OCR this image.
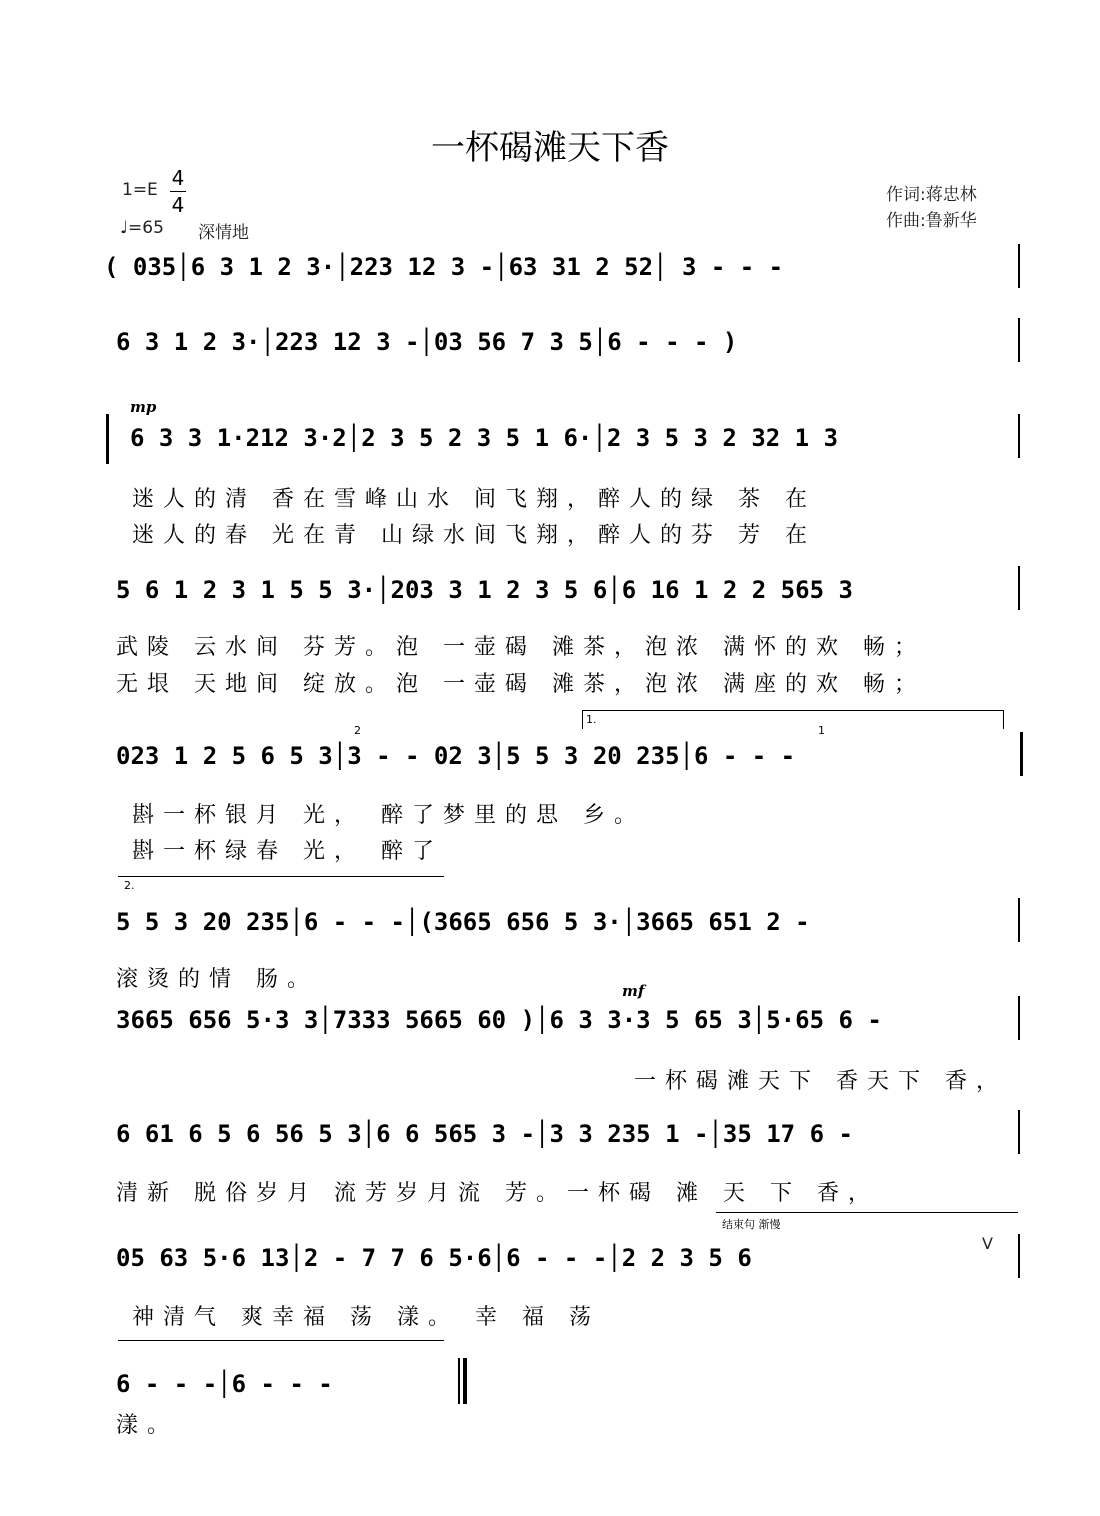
一杯碣滩天下香
1=E 4
4
♩=65 深情地
作词:蒋忠林
作曲:鲁新华
( 035│6 3 1 2 3·│223 12 3 -│63 31 2 52│ 3 - - -
6 3 1 2 3·│223 12 3 -│03 56 7 3 5│6 - - - )
mp
6 3 3 1·212 3·2│2 3 5 2 3 5 1 6·│2 3 5 3 2 32 1 3
迷人的清 香在雪峰山水 间飞翔，醉人的绿 茶 在
迷人的春 光在青 山绿水间飞翔，醉人的芬 芳 在
5 6 1 2 3 1 5 5 3·│203 3 1 2 3 5 6│6 16 1 2 2 565 3
武陵 云水间 芬芳。泡 一壶碣 滩茶，泡浓 满怀的欢 畅；
无垠 天地间 绽放。泡 一壶碣 滩茶，泡浓 满座的欢 畅；
1.
2	1
023 1 2 5 6 5 3│3 - - 02 3│5 5 3 20 235│6 - - -
斟一杯银月 光， 醉了梦里的思 乡。
斟一杯绿春 光， 醉了
2.
5 5 3 20 235│6 - - -│(3665 656 5 3·│3665 651 2 -
滚烫的情 肠。	mf
3665 656 5·3 3│7333 5665 60 )│6 3 3·3 5 65 3│5·65 6 -
一杯碣滩天下 香天下 香，
6 61 6 5 6 56 5 3│6 6 565 3 -│3 3 235 1 -│35 17 6 -
清新 脱俗岁月 流芳岁月流 芳。一杯碣 滩 天 下 香，
结束句 渐慢
05 63 5·6 13│2 - 7 7 6 5·6│6 - - -│2 2 3 5 6
V
神清气 爽幸福 荡 漾。 幸 福 荡
6 - - -│6 - - -
漾。
